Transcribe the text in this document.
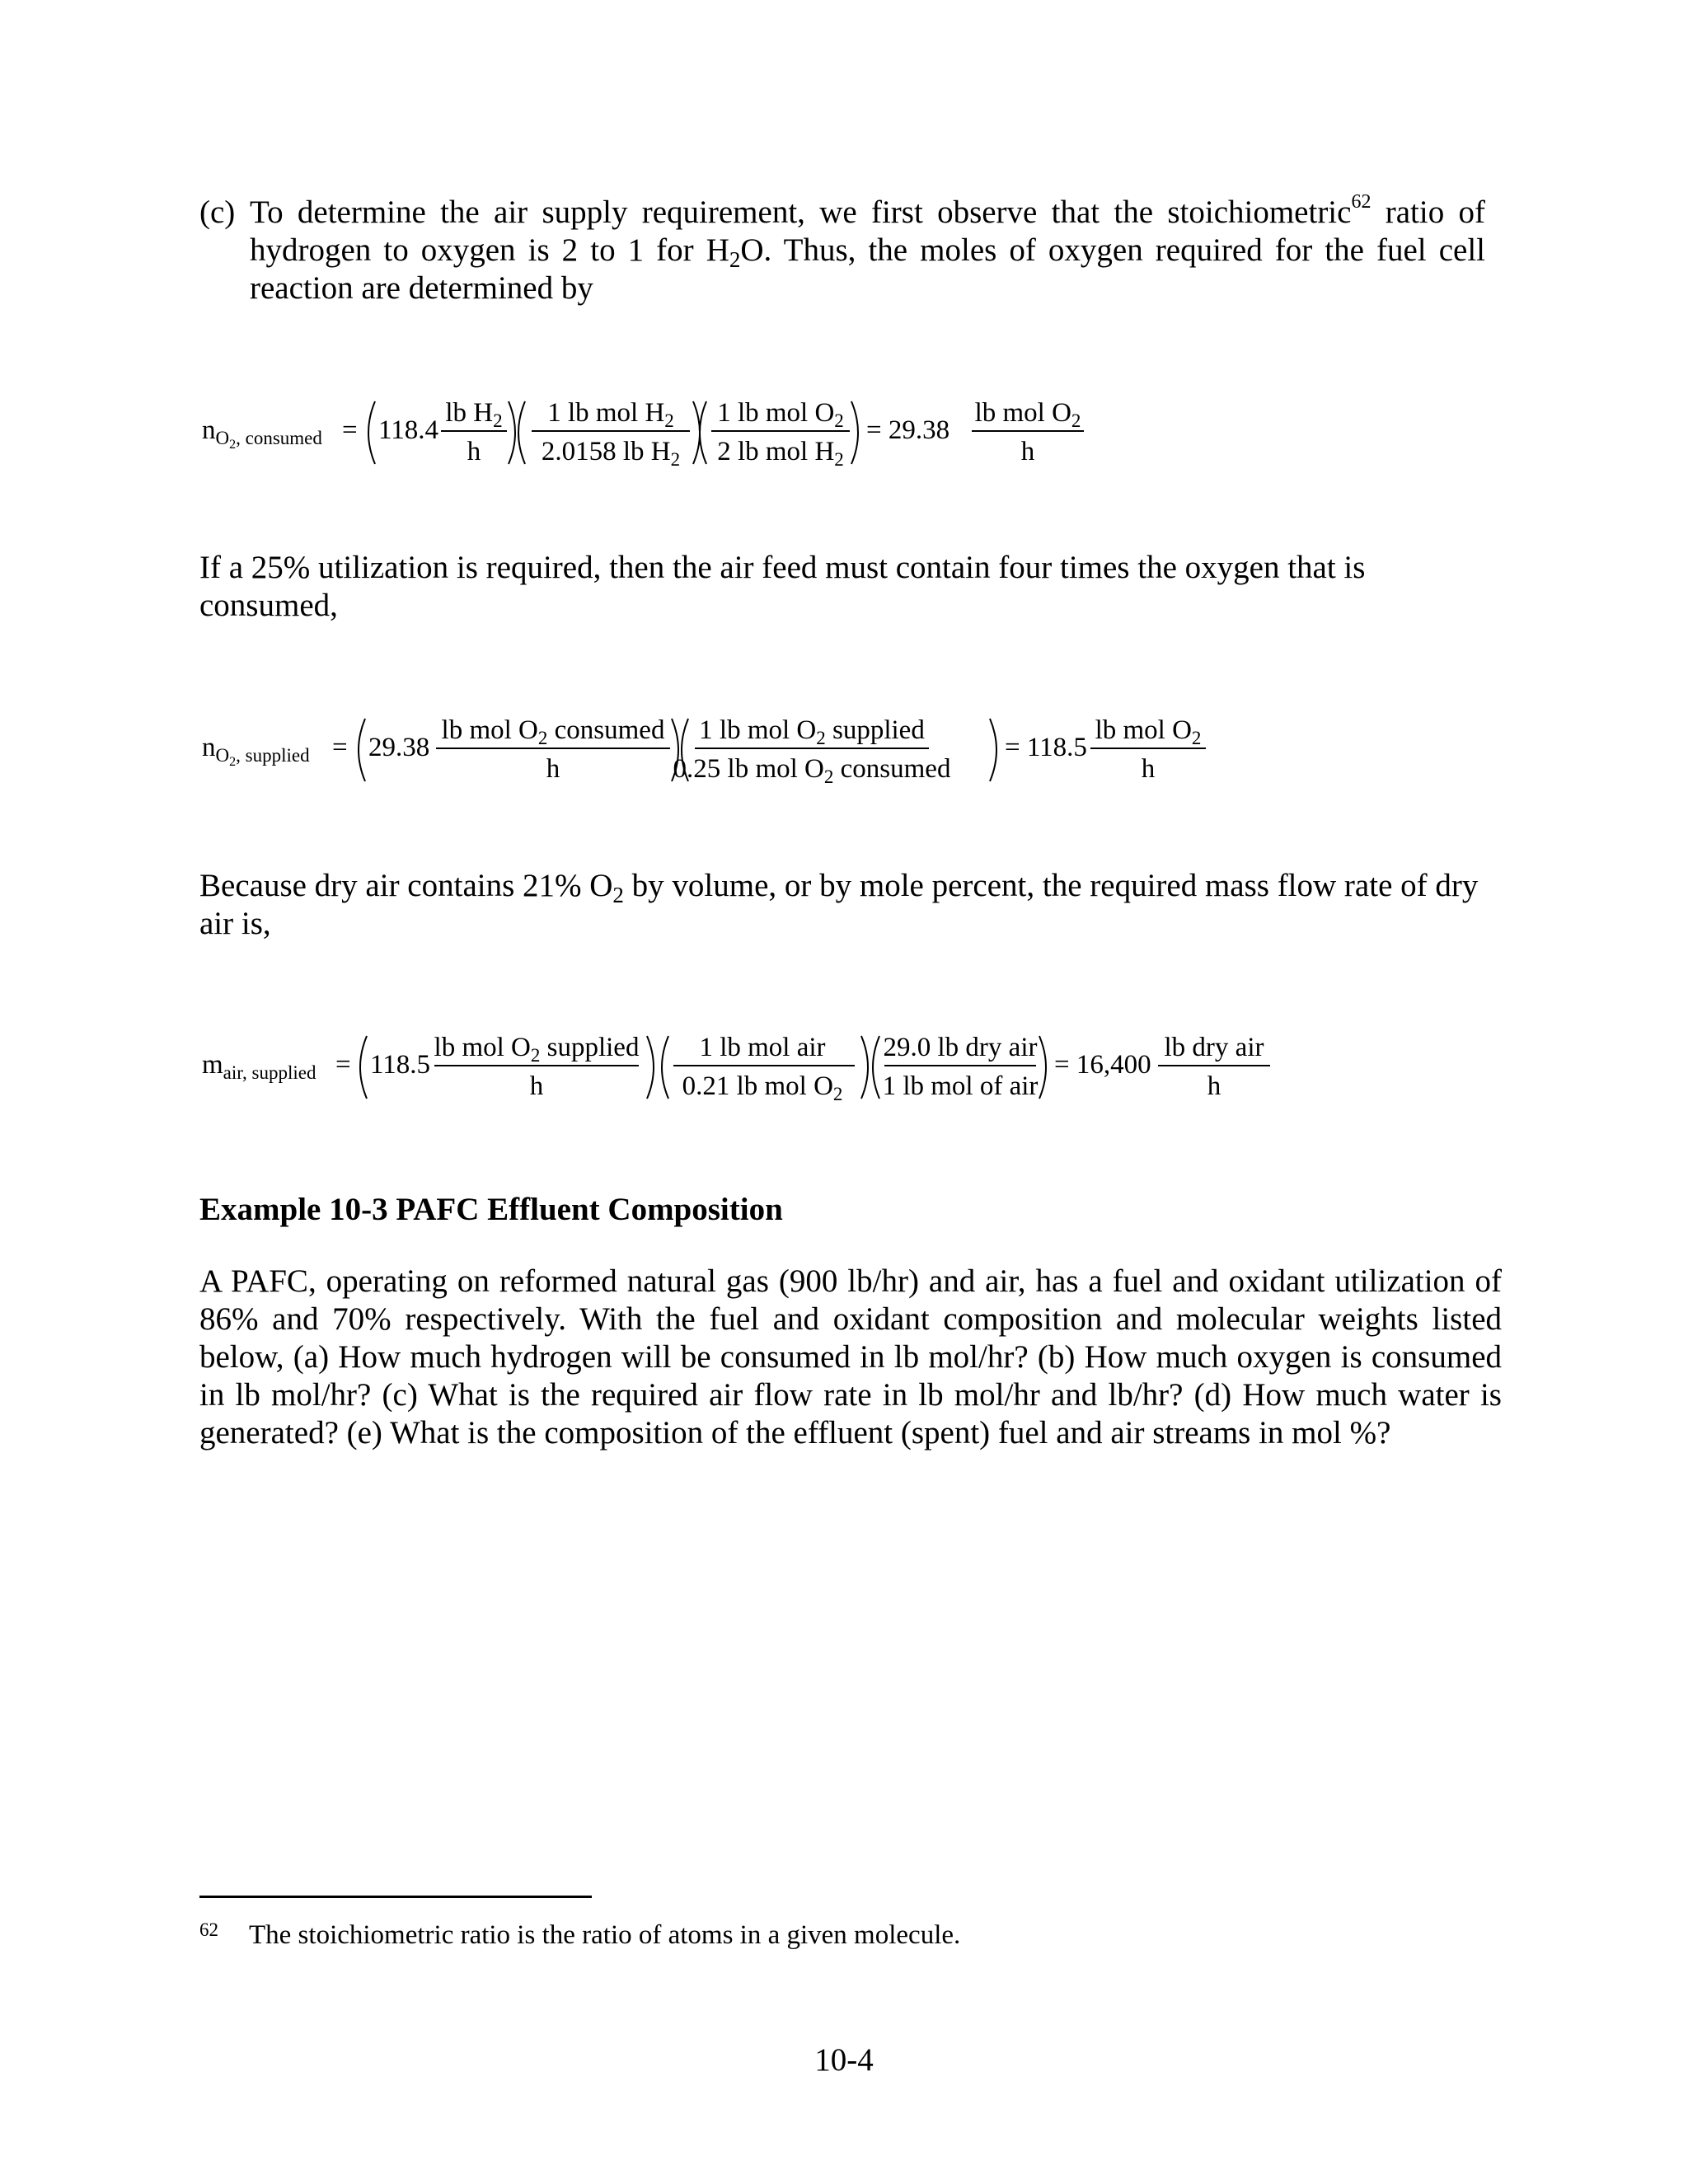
(c) To determine the air supply requirement, we first observe that the stoichiometric$^{62}$ ratio of hydrogen to oxygen is 2 to 1 for $H_2O$. Thus, the moles of oxygen required for the fuel cell reaction are determined by
$n_O2$, consumed = 118.4
lb $H_2$
h
1 lb mol $H_2$
2.0158 lb $H_2$
1 lb mol $O_2$
2 lb mol $H_2$
= 29.38
lb mol $O_2$
h

If a 25% utilization is required, then the air feed must contain four times the oxygen that is consumed,

$n_O2$, supplied = 29.38
lb mol $O_2$ consumed
h
1 lb mol $O_2$ supplied
0.25 lb mol $O_2$ consumed
= 118.5
lb mol $O_2$
h

Because dry air contains 21% $O_2$ by volume, or by mole percent, the required mass flow rate of dry air is,

$m_{air, supplied} = 118.5$
lb mol $O_2$ supplied
h
1 lb mol air
0.21 lb mol $O_2$
29.0 lb dry air
1 lb mol of air
= 16,400
lb dry air
h
Example 10-3 PAFC Effluent Composition

A PAFC, operating on reformed natural gas (900 lb/hr) and air, has a fuel and oxidant utilization of 86% and 70% respectively. With the fuel and oxidant composition and molecular weights listed below, (a) How much hydrogen will be consumed in lb mol/hr? (b) How much oxygen is consumed in lb mol/hr? (c) What is the required air flow rate in lb mol/hr and lb/hr? (d) How much water is generated? (e) What is the composition of the effluent (spent) fuel and air streams in mol %?

62 The stoichiometric ratio is the ratio of atoms in a given molecule.
10-4
